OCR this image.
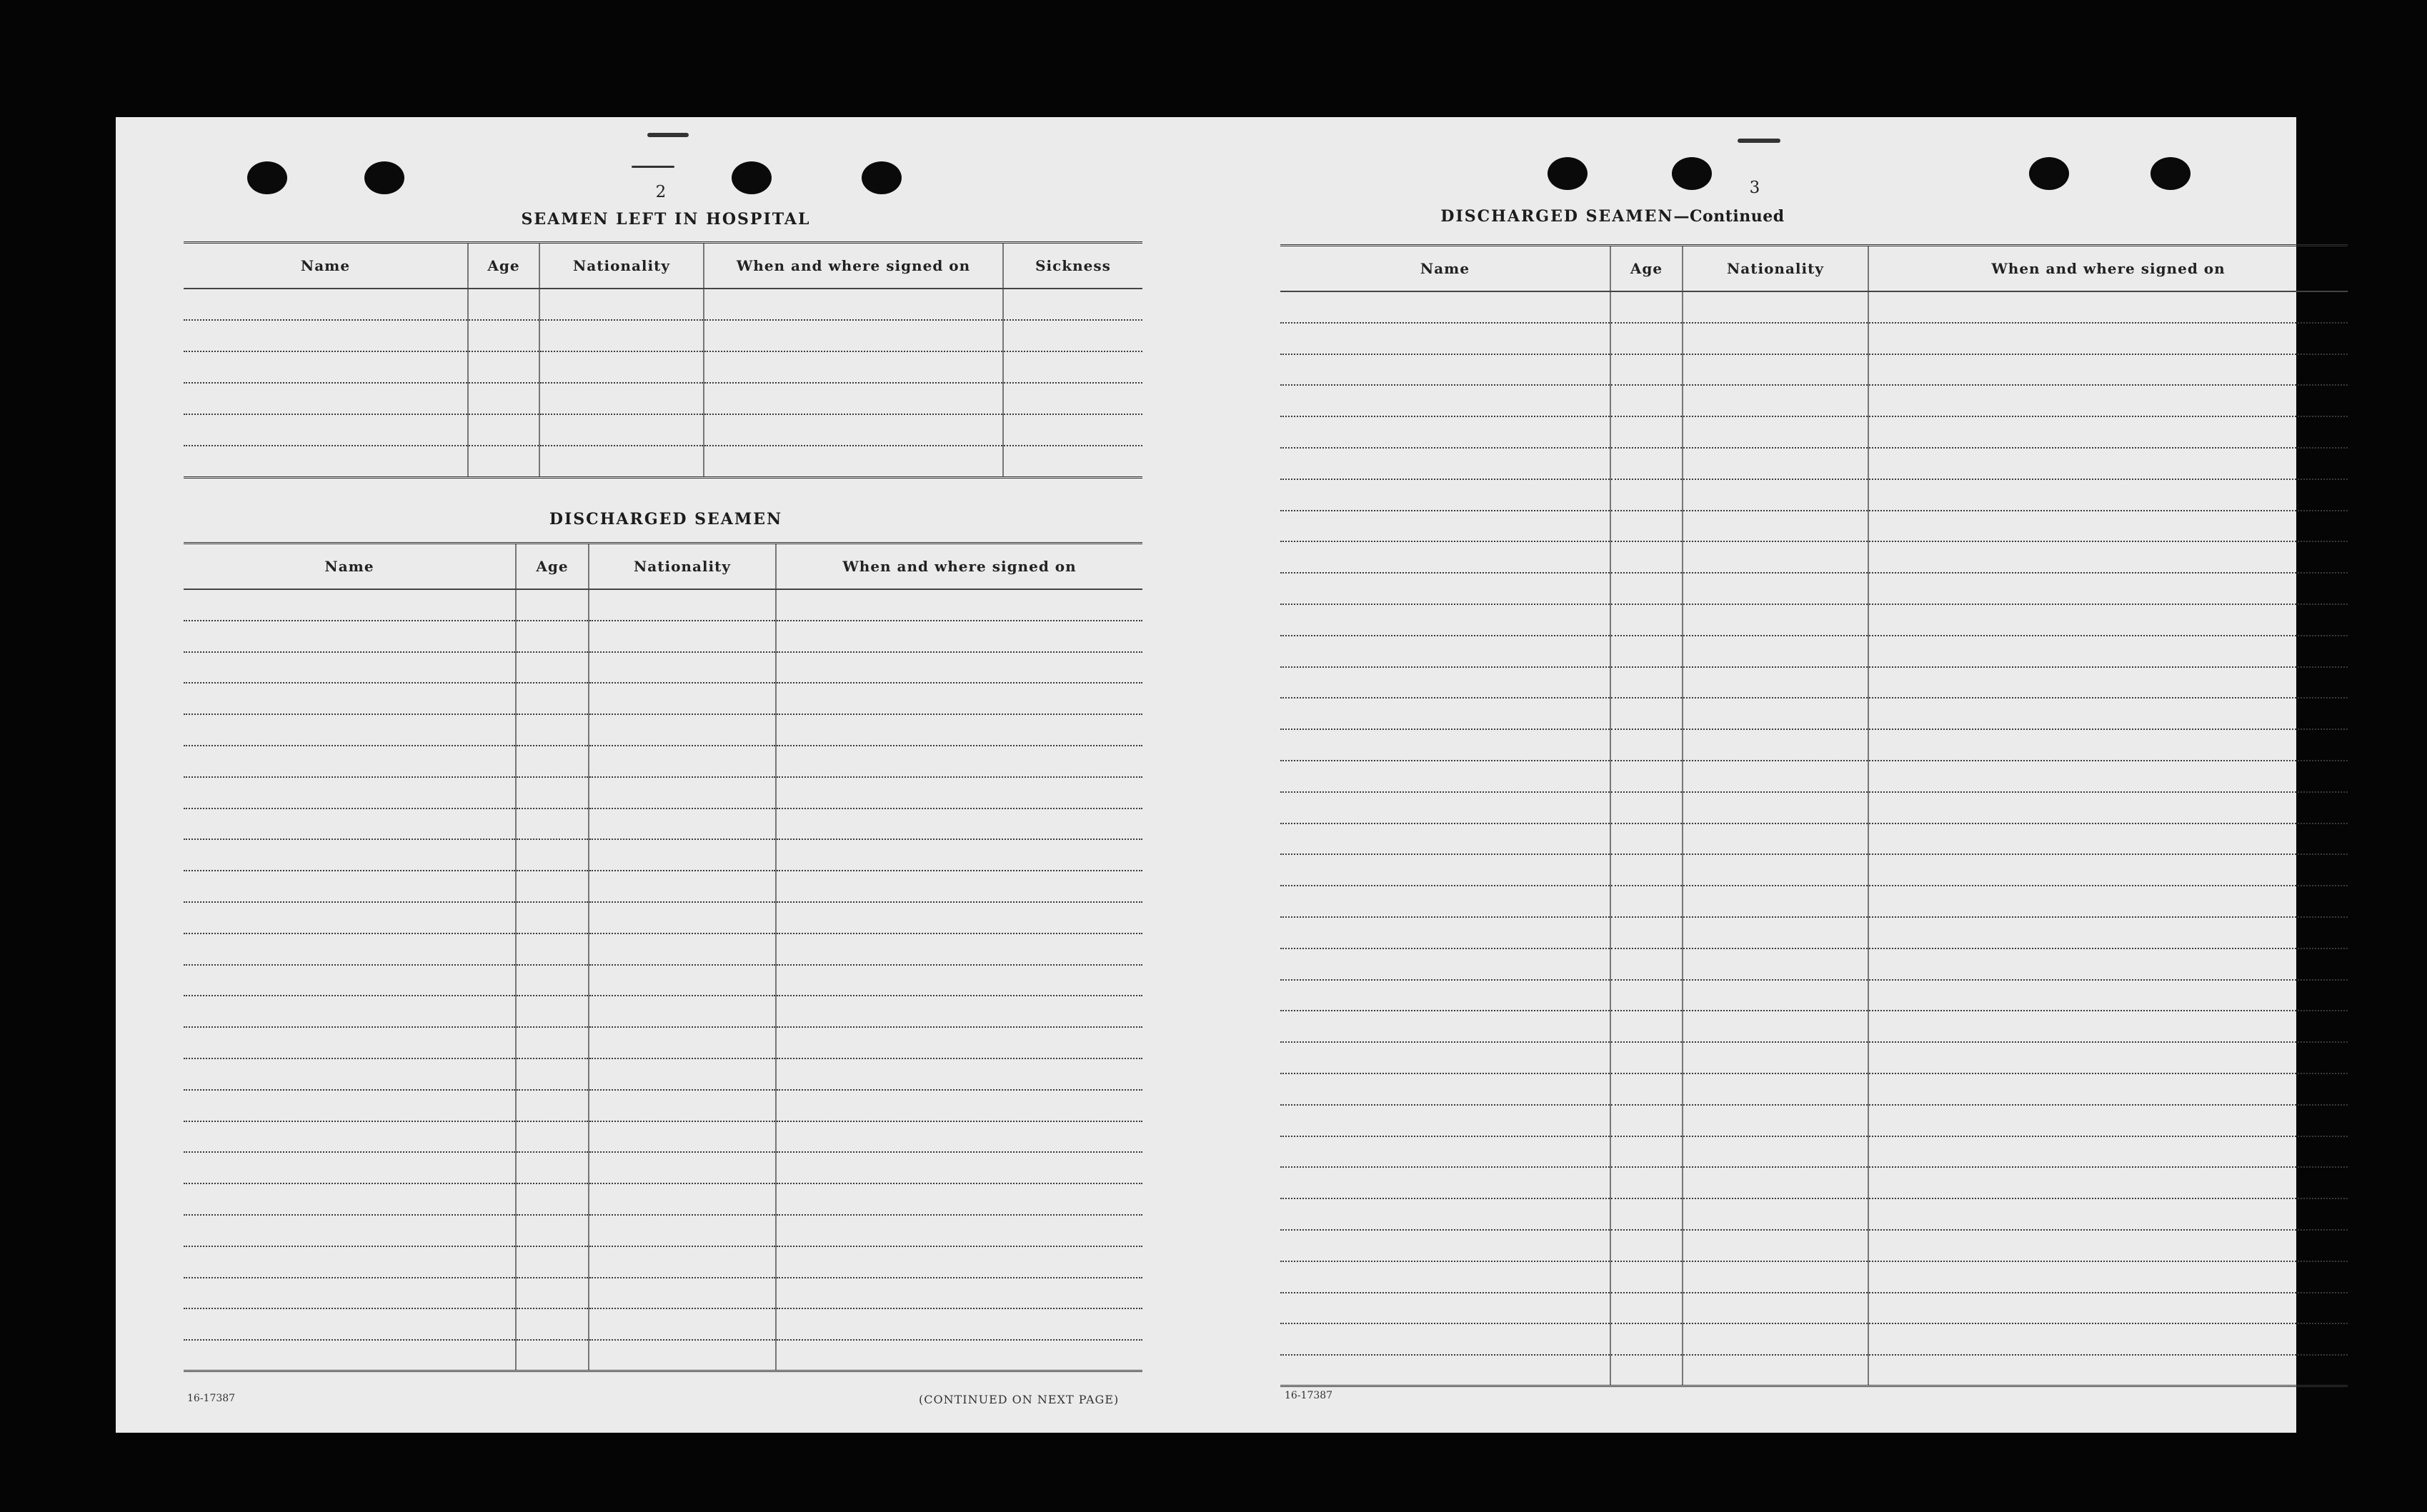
2
SEAMEN LEFT IN HOSPITAL
Name	Age	Nationality	When and where signed on	Sickness

DISCHARGED SEAMEN
Name	Age	Nationality	When and where signed on

16-17387	(CONTINUED ON NEXT PAGE)
3
DISCHARGED SEAMEN—Continued
Name	Age	Nationality	When and where signed on

16-17387
